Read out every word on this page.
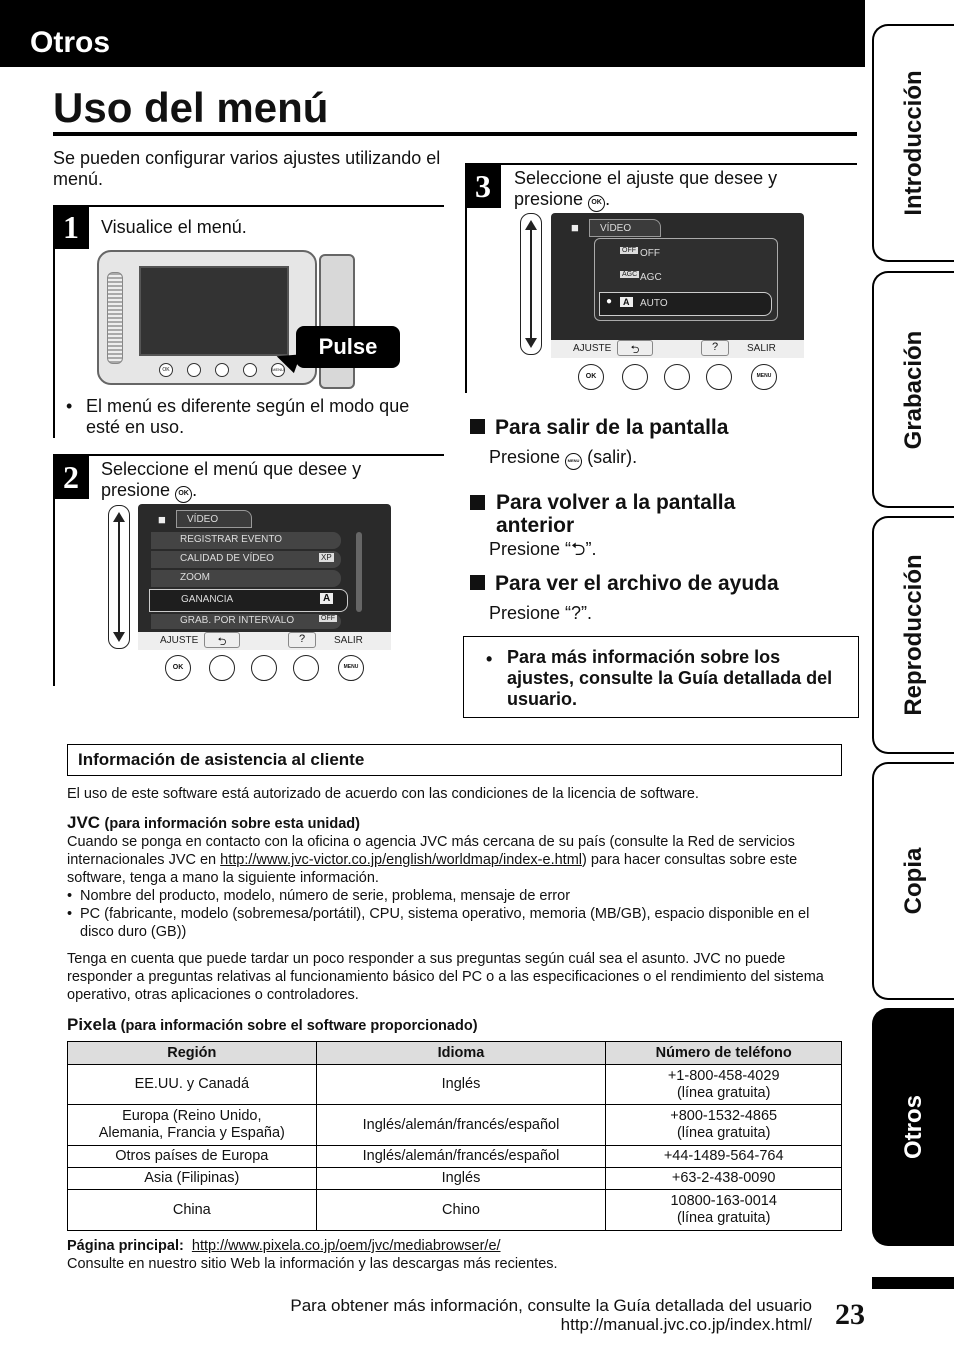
Otros
Uso del menú
Se pueden configurar varios ajustes utilizando el menú.
1	Visualice el menú.
OK	MENU
Pulse
• El menú es diferente según el modo que esté en uso.
2	Seleccione el menú que desee y presione OK .
■ VÍDEO
REGISTRAR EVENTO
CALIDAD DE VÍDEO	XP
ZOOM
GANANCIA	A
GRAB. POR INTERVALO	OFF
AJUSTE	⮌	?	SALIR
OK	MENU
3	Seleccione el ajuste que desee y presione OK .
■ VÍDEO
OFF OFF
AGC AGC
●	A	AUTO
AJUSTE	⮌	?	SALIR
OK	MENU
Para salir de la pantalla
Presione MENU (salir).
Para volver a la pantalla anterior
Presione “⮌”.
Para ver el archivo de ayuda
Presione “?”.
• Para más información sobre los ajustes, consulte la Guía detallada del usuario.
Información de asistencia al cliente
El uso de este software está autorizado de acuerdo con las condiciones de la licencia de software.
JVC (para información sobre esta unidad)
Cuando se ponga en contacto con la oficina o agencia JVC más cercana de su país (consulte la Red de servicios internacionales JVC en http://www.jvc-victor.co.jp/english/worldmap/index-e.html) para hacer consultas sobre este software, tenga a mano la siguiente información.
• Nombre del producto, modelo, número de serie, problema, mensaje de error
• PC (fabricante, modelo (sobremesa/portátil), CPU, sistema operativo, memoria (MB/GB), espacio disponible en el disco duro (GB))
Tenga en cuenta que puede tardar un poco responder a sus preguntas según cuál sea el asunto. JVC no puede responder a preguntas relativas al funcionamiento básico del PC o a las especificaciones o el rendimiento del sistema operativo, otras aplicaciones o controladores.
Pixela (para información sobre el software proporcionado)
Región	Idioma	Número de teléfono
EE.UU. y Canadá	Inglés	+1-800-458-4029
(línea gratuita)
Europa (Reino Unido,
Alemania, Francia y España)	Inglés/alemán/francés/español	+800-1532-4865
(línea gratuita)
Otros países de Europa	Inglés/alemán/francés/español	+44-1489-564-764
Asia (Filipinas)	Inglés	+63-2-438-0090
China	Chino	10800-163-0014
(línea gratuita)
Página principal: http://www.pixela.co.jp/oem/jvc/mediabrowser/e/
Consulte en nuestro sitio Web la información y las descargas más recientes.
Introducción
Grabación
Reproducción
Copia
Otros
Para obtener más información, consulte la Guía detallada del usuario
http://manual.jvc.co.jp/index.html/ 23
